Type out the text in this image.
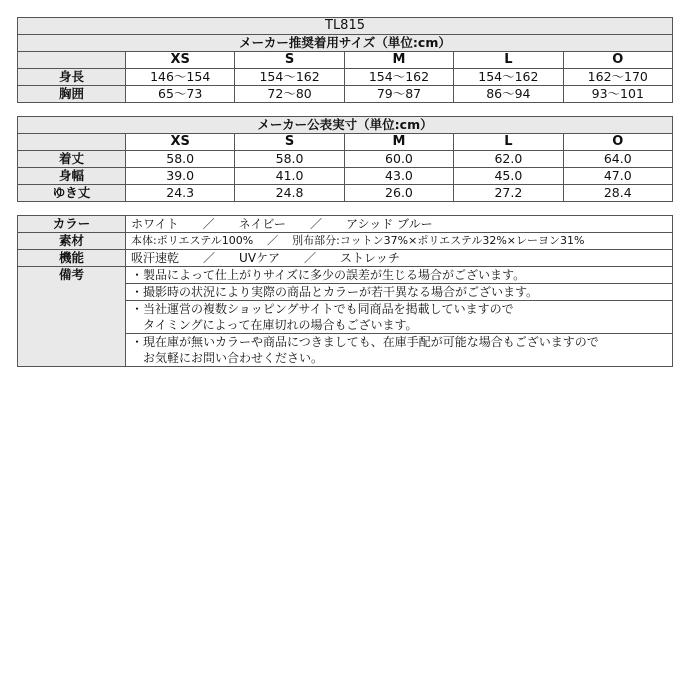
TL815					
メーカー推奨着用サイズ（単位:cm）					
	XS	S	M	L	O
身長	146〜154	154〜162	154〜162	154〜162	162〜170
胸囲	65〜73	72〜80	79〜87	86〜94	93〜101
メーカー公表実寸（単位:cm）					
	XS	S	M	L	O
着丈	58.0	58.0	60.0	62.0	64.0
身幅	39.0	41.0	43.0	45.0	47.0
ゆき丈	24.3	24.8	26.0	27.2	28.4
カラー	ホワイト ／ ネイビー ／ アシッド ブルー
素材	本体:ポリエステル100% ／ 別布部分:コットン37%×ポリエステル32%×レーヨン31%
機能	吸汗速乾 ／ UVケア ／ ストレッチ
備考	・製品によって仕上がりサイズに多少の誤差が生じる場合がございます。
	・撮影時の状況により実際の商品とカラーが若干異なる場合がございます。
	・当社運営の複数ショッピングサイトでも同商品を掲載していますので
	　タイミングによって在庫切れの場合もございます。
	・現在庫が無いカラーや商品につきましても、在庫手配が可能な場合もございますので
	　お気軽にお問い合わせください。
